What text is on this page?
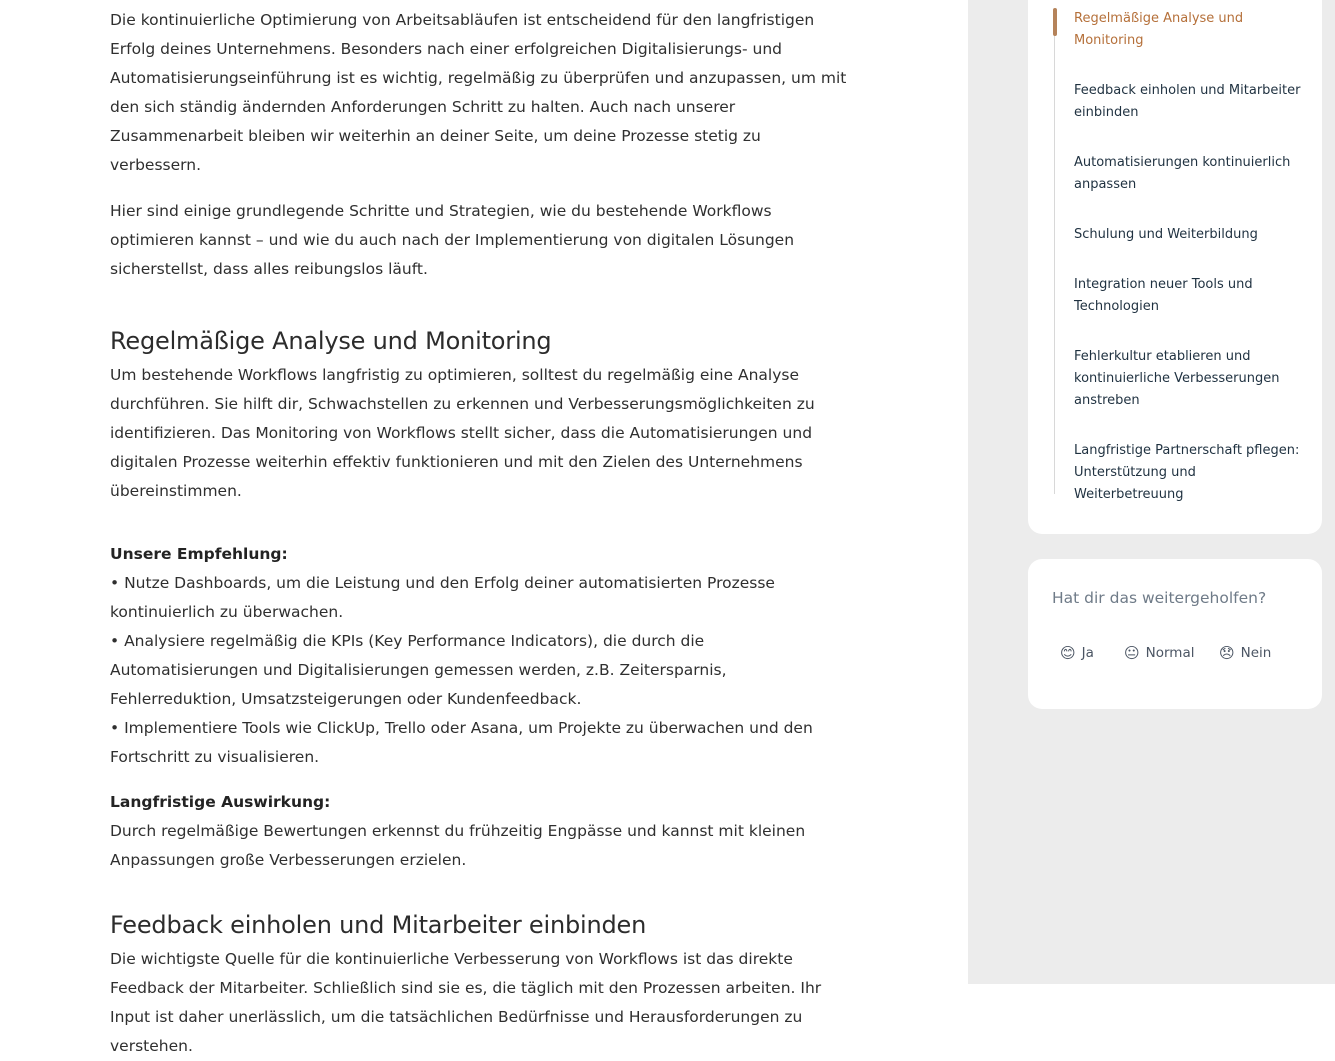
Die kontinuierliche Optimierung von Arbeitsabläufen ist entscheidend für den langfristigen Erfolg deines Unternehmens. Besonders nach einer erfolgreichen Digitalisierungs- und Automatisierungseinführung ist es wichtig, regelmäßig zu überprüfen und anzupassen, um mit den sich ständig ändernden Anforderungen Schritt zu halten. Auch nach unserer Zusammenarbeit bleiben wir weiterhin an deiner Seite, um deine Prozesse stetig zu verbessern.

Hier sind einige grundlegende Schritte und Strategien, wie du bestehende Workflows optimieren kannst – und wie du auch nach der Implementierung von digitalen Lösungen sicherstellst, dass alles reibungslos läuft.

Regelmäßige Analyse und Monitoring

Um bestehende Workflows langfristig zu optimieren, solltest du regelmäßig eine Analyse durchführen. Sie hilft dir, Schwachstellen zu erkennen und Verbesserungsmöglichkeiten zu identifizieren. Das Monitoring von Workflows stellt sicher, dass die Automatisierungen und digitalen Prozesse weiterhin effektiv funktionieren und mit den Zielen des Unternehmens übereinstimmen.

Unsere Empfehlung:

• Nutze Dashboards, um die Leistung und den Erfolg deiner automatisierten Prozesse kontinuierlich zu überwachen.

• Analysiere regelmäßig die KPIs (Key Performance Indicators), die durch die Automatisierungen und Digitalisierungen gemessen werden, z.B. Zeitersparnis, Fehlerreduktion, Umsatzsteigerungen oder Kundenfeedback.

• Implementiere Tools wie ClickUp, Trello oder Asana, um Projekte zu überwachen und den Fortschritt zu visualisieren.

Langfristige Auswirkung:

Durch regelmäßige Bewertungen erkennst du frühzeitig Engpässe und kannst mit kleinen Anpassungen große Verbesserungen erzielen.

Feedback einholen und Mitarbeiter einbinden

Die wichtigste Quelle für die kontinuierliche Verbesserung von Workflows ist das direkte Feedback der Mitarbeiter. Schließlich sind sie es, die täglich mit den Prozessen arbeiten. Ihr Input ist daher unerlässlich, um die tatsächlichen Bedürfnisse und Herausforderungen zu verstehen.

Regelmäßige Analyse und Monitoring
Feedback einholen und Mitarbeiter einbinden
Automatisierungen kontinuierlich anpassen
Schulung und Weiterbildung
Integration neuer Tools und Technologien
Fehlerkultur etablieren und kontinuierliche Verbesserungen anstreben
Langfristige Partnerschaft pflegen: Unterstützung und Weiterbetreuung
Hat dir das weitergeholfen?
😊 Ja 😐 Normal 😞 Nein
